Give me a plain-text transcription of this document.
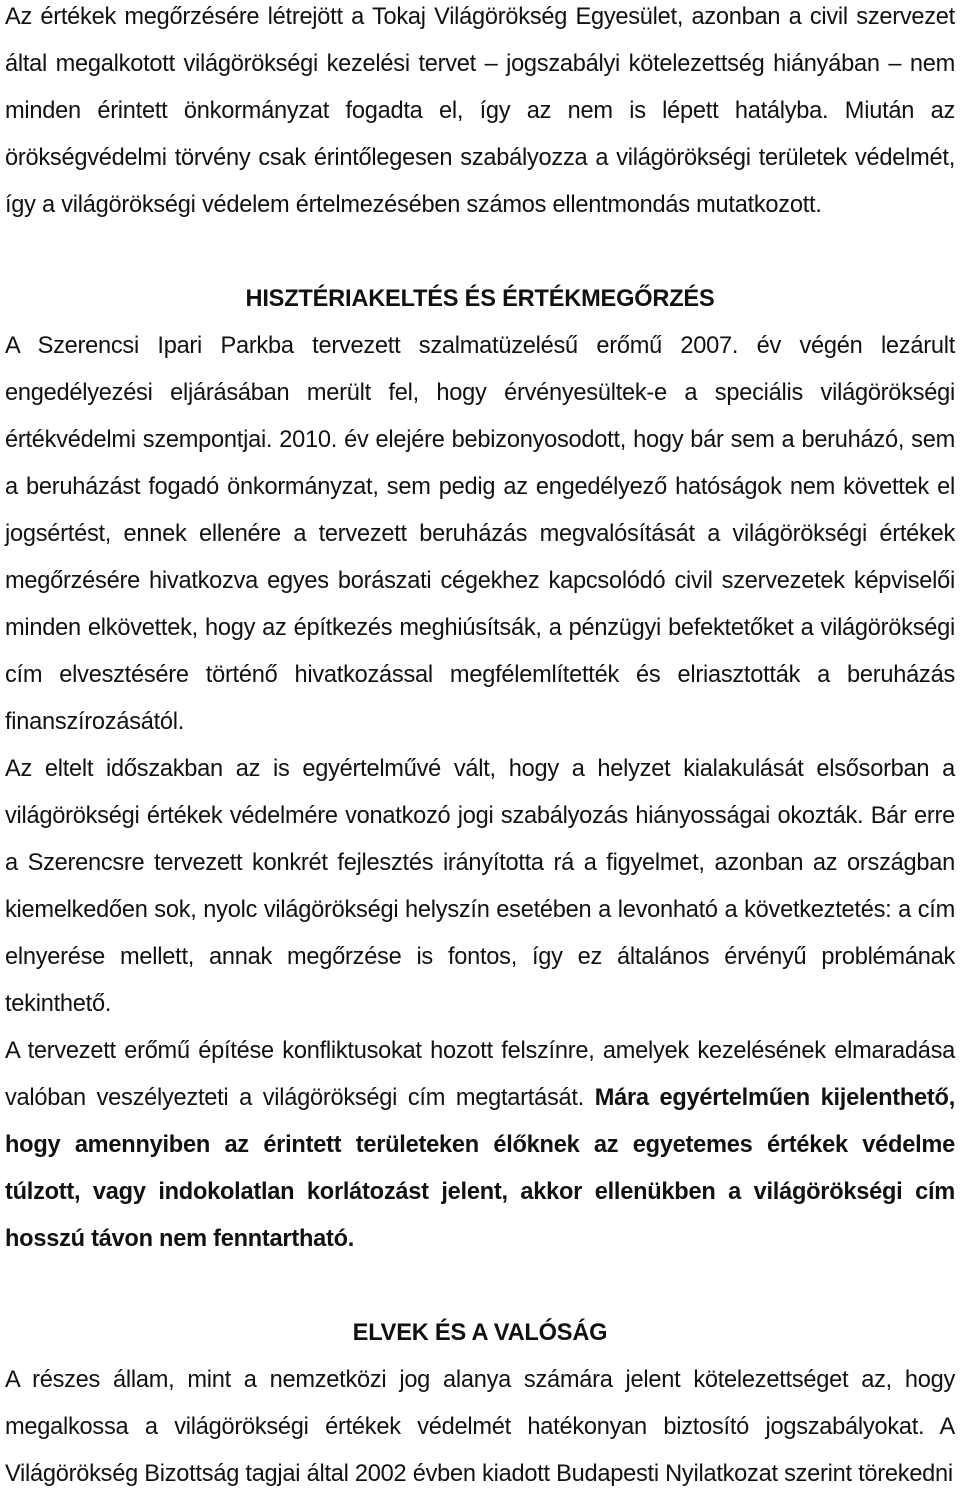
Az értékek megőrzésére létrejött a Tokaj Világörökség Egyesület, azonban a civil szervezet által megalkotott világörökségi kezelési tervet – jogszabályi kötelezettség hiányában – nem minden érintett önkormányzat fogadta el, így az nem is lépett hatályba. Miután az örökségvédelmi törvény csak érintőlegesen szabályozza a világörökségi területek védelmét, így a világörökségi védelem értelmezésében számos ellentmondás mutatkozott.

HISZTÉRIAKELTÉS ÉS ÉRTÉKMEGŐRZÉS

A Szerencsi Ipari Parkba tervezett szalmatüzelésű erőmű 2007. év végén lezárult engedélyezési eljárásában merült fel, hogy érvényesültek-e a speciális világörökségi értékvédelmi szempontjai. 2010. év elejére bebizonyosodott, hogy bár sem a beruházó, sem a beruházást fogadó önkormányzat, sem pedig az engedélyező hatóságok nem követtek el jogsértést, ennek ellenére a tervezett beruházás megvalósítását a világörökségi értékek megőrzésére hivatkozva egyes borászati cégekhez kapcsolódó civil szervezetek képviselői minden elkövettek, hogy az építkezés meghiúsítsák, a pénzügyi befektetőket a világörökségi cím elvesztésére történő hivatkozással megfélemlítették és elriasztották a beruházás finanszírozásától.

Az eltelt időszakban az is egyértelművé vált, hogy a helyzet kialakulását elsősorban a világörökségi értékek védelmére vonatkozó jogi szabályozás hiányosságai okozták. Bár erre a Szerencsre tervezett konkrét fejlesztés irányította rá a figyelmet, azonban az országban kiemelkedően sok, nyolc világörökségi helyszín esetében a levonható a következtetés: a cím elnyerése mellett, annak megőrzése is fontos, így ez általános érvényű problémának tekinthető.

A tervezett erőmű építése konfliktusokat hozott felszínre, amelyek kezelésének elmaradása valóban veszélyezteti a világörökségi cím megtartását. Mára egyértelműen kijelenthető, hogy amennyiben az érintett területeken élőknek az egyetemes értékek védelme túlzott, vagy indokolatlan korlátozást jelent, akkor ellenükben a világörökségi cím hosszú távon nem fenntartható.

ELVEK ÉS A VALÓSÁG

A részes állam, mint a nemzetközi jog alanya számára jelent kötelezettséget az, hogy megalkossa a világörökségi értékek védelmét hatékonyan biztosító jogszabályokat. A Világörökség Bizottság tagjai által 2002 évben kiadott Budapesti Nyilatkozat szerint törekedni
